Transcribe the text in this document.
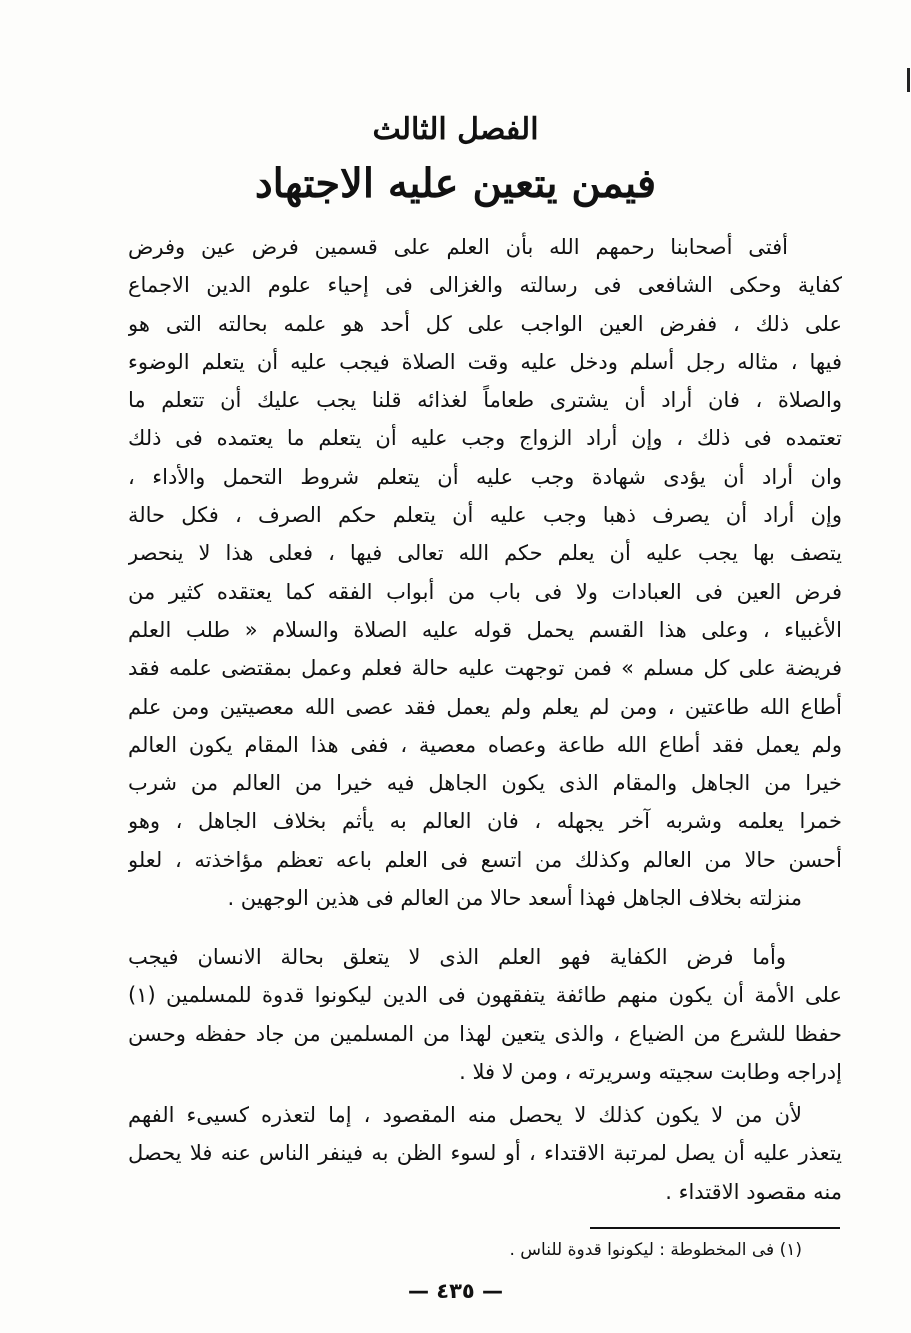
الفصل الثالث
فيمن يتعين عليه الاجتهاد
أفتى أصحابنا رحمهم الله بأن العلم على قسمين فرض عين وفرض
كفاية وحكى الشافعى فى رسالته والغزالى فى إحياء علوم الدين الاجماع
على ذلك ، ففرض العين الواجب على كل أحد هو علمه بحالته التى هو
فيها ، مثاله رجل أسلم ودخل عليه وقت الصلاة فيجب عليه أن يتعلم الوضوء
والصلاة ، فان أراد أن يشترى طعاماً لغذائه قلنا يجب عليك أن تتعلم ما
تعتمده فى ذلك ، وإن أراد الزواج وجب عليه أن يتعلم ما يعتمده فى ذلك
وان أراد أن يؤدى شهادة وجب عليه أن يتعلم شروط التحمل والأداء ،
وإن أراد أن يصرف ذهبا وجب عليه أن يتعلم حكم الصرف ، فكل حالة
يتصف بها يجب عليه أن يعلم حكم الله تعالى فيها ، فعلى هذا لا ينحصر
فرض العين فى العبادات ولا فى باب من أبواب الفقه كما يعتقده كثير من
الأغبياء ، وعلى هذا القسم يحمل قوله عليه الصلاة والسلام « طلب العلم
فريضة على كل مسلم » فمن توجهت عليه حالة فعلم وعمل بمقتضى علمه فقد
أطاع الله طاعتين ، ومن لم يعلم ولم يعمل فقد عصى الله معصيتين ومن علم
ولم يعمل فقد أطاع الله طاعة وعصاه معصية ، ففى هذا المقام يكون العالم
خيرا من الجاهل والمقام الذى يكون الجاهل فيه خيرا من العالم من شرب
خمرا يعلمه وشربه آخر يجهله ، فان العالم به يأثم بخلاف الجاهل ، وهو
أحسن حالا من العالم وكذلك من اتسع فى العلم باعه تعظم مؤاخذته ، لعلو
منزلته بخلاف الجاهل فهذا أسعد حالا من العالم فى هذين الوجهين .
وأما فرض الكفاية فهو العلم الذى لا يتعلق بحالة الانسان فيجب
على الأمة أن يكون منهم طائفة يتفقهون فى الدين ليكونوا قدوة للمسلمين (١)
حفظا للشرع من الضياع ، والذى يتعين لهذا من المسلمين من جاد حفظه وحسن
إدراجه وطابت سجيته وسريرته ، ومن لا فلا .
لأن من لا يكون كذلك لا يحصل منه المقصود ، إما لتعذره كسيىء الفهم
يتعذر عليه أن يصل لمرتبة الاقتداء ، أو لسوء الظن به فينفر الناس عنه فلا يحصل
منه مقصود الاقتداء .
(١) فى المخطوطة : ليكونوا قدوة للناس .
— ٤٣٥ —
